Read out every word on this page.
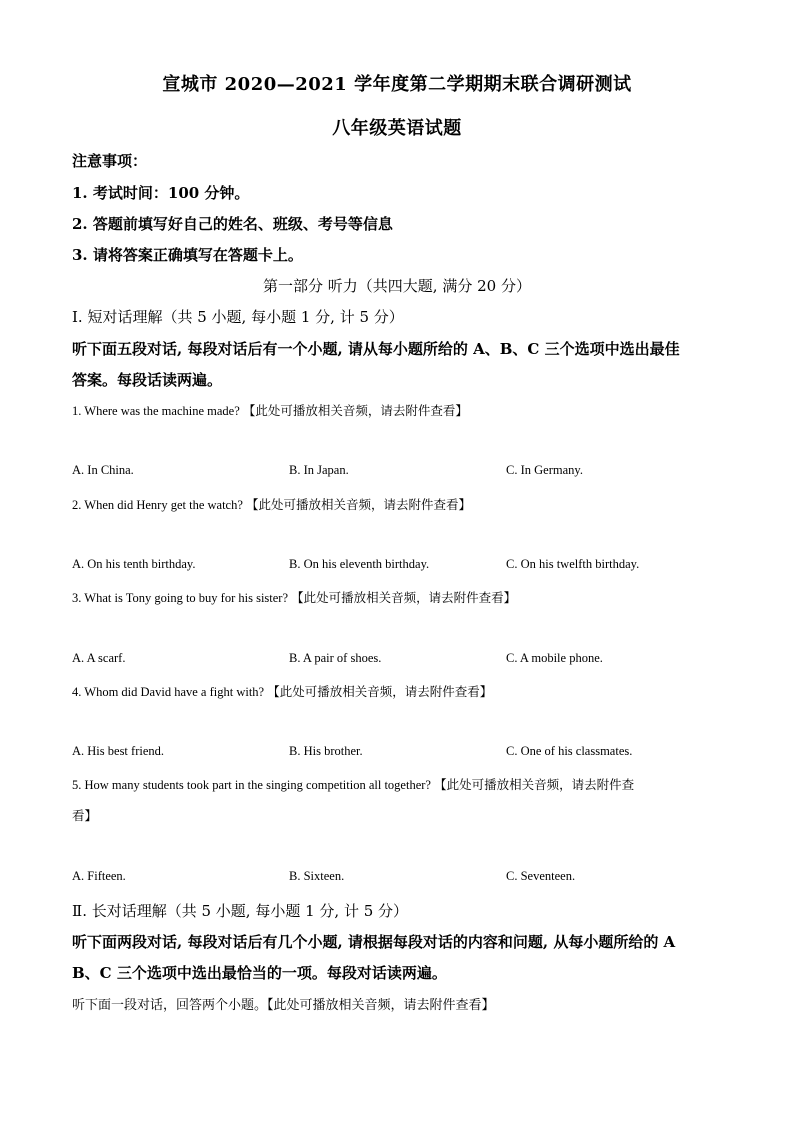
宣城市 2020—2021 学年度第二学期期末联合调研测试
八年级英语试题
注意事项：
1. 考试时间：100 分钟。
2. 答题前填写好自己的姓名、班级、考号等信息
3. 请将答案正确填写在答题卡上。
第一部分 听力（共四大题, 满分 20 分）
Ⅰ. 短对话理解（共 5 小题, 每小题 1 分, 计 5 分）
听下面五段对话, 每段对话后有一个小题, 请从每小题所给的 A、B、C 三个选项中选出最佳
答案。每段话读两遍。
1. Where was the machine made? 【此处可播放相关音频，请去附件查看】
A. In China.	B. In Japan.	C. In Germany.
2. When did Henry get the watch? 【此处可播放相关音频，请去附件查看】
A. On his tenth birthday.	B. On his eleventh birthday.	C. On his twelfth birthday.
3. What is Tony going to buy for his sister? 【此处可播放相关音频，请去附件查看】
A. A scarf.	B. A pair of shoes.	C. A mobile phone.
4. Whom did David have a fight with? 【此处可播放相关音频，请去附件查看】
A. His best friend.	B. His brother.	C. One of his classmates.
5. How many students took part in the singing competition all together? 【此处可播放相关音频，请去附件查
看】
A. Fifteen.	B. Sixteen.	C. Seventeen.
Ⅱ. 长对话理解（共 5 小题, 每小题 1 分, 计 5 分）
听下面两段对话, 每段对话后有几个小题, 请根据每段对话的内容和问题, 从每小题所给的 A
B、C 三个选项中选出最恰当的一项。每段对话读两遍。
听下面一段对话，回答两个小题。【此处可播放相关音频，请去附件查看】
